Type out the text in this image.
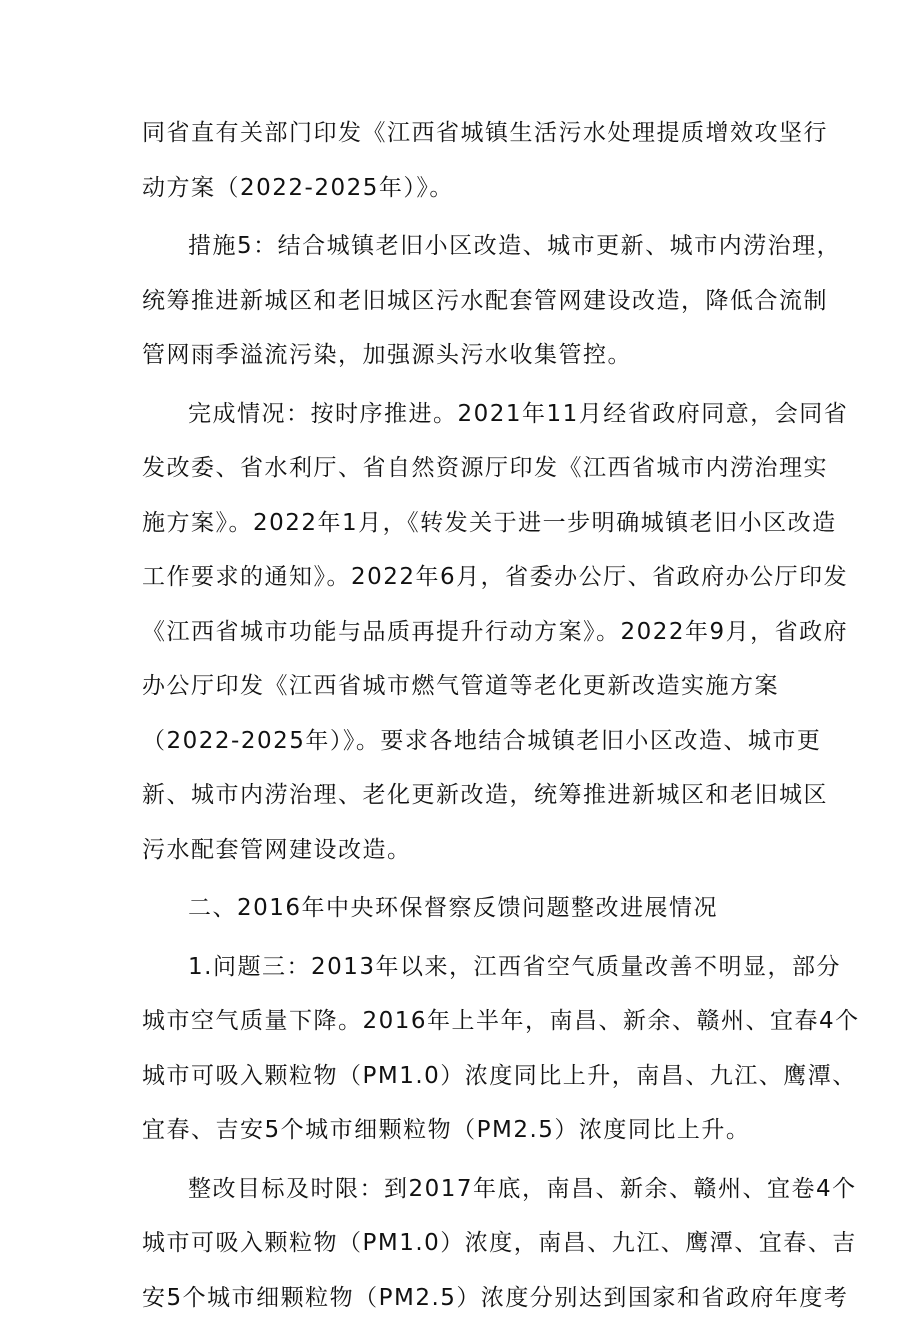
同省直有关部门印发《江西省城镇生活污水处理提质增效攻坚行
动方案（2022-2025年）》。

措施5：结合城镇老旧小区改造、城市更新、城市内涝治理，
统筹推进新城区和老旧城区污水配套管网建设改造，降低合流制
管网雨季溢流污染，加强源头污水收集管控。

完成情况：按时序推进。2021年11月经省政府同意，会同省
发改委、省水利厅、省自然资源厅印发《江西省城市内涝治理实
施方案》。2022年1月，《转发关于进一步明确城镇老旧小区改造
工作要求的通知》。2022年6月，省委办公厅、省政府办公厅印发
《江西省城市功能与品质再提升行动方案》。2022年9月，省政府
办公厅印发《江西省城市燃气管道等老化更新改造实施方案
（2022-2025年）》。要求各地结合城镇老旧小区改造、城市更
新、城市内涝治理、老化更新改造，统筹推进新城区和老旧城区
污水配套管网建设改造。

二、2016年中央环保督察反馈问题整改进展情况

1.问题三：2013年以来，江西省空气质量改善不明显，部分
城市空气质量下降。2016年上半年，南昌、新余、赣州、宜春4个
城市可吸入颗粒物（PM1.0）浓度同比上升，南昌、九江、鹰潭、
宜春、吉安5个城市细颗粒物（PM2.5）浓度同比上升。

整改目标及时限：到2017年底，南昌、新余、赣州、宜卷4个
城市可吸入颗粒物（PM1.0）浓度，南昌、九江、鹰潭、宜春、吉
安5个城市细颗粒物（PM2.5）浓度分别达到国家和省政府年度考
